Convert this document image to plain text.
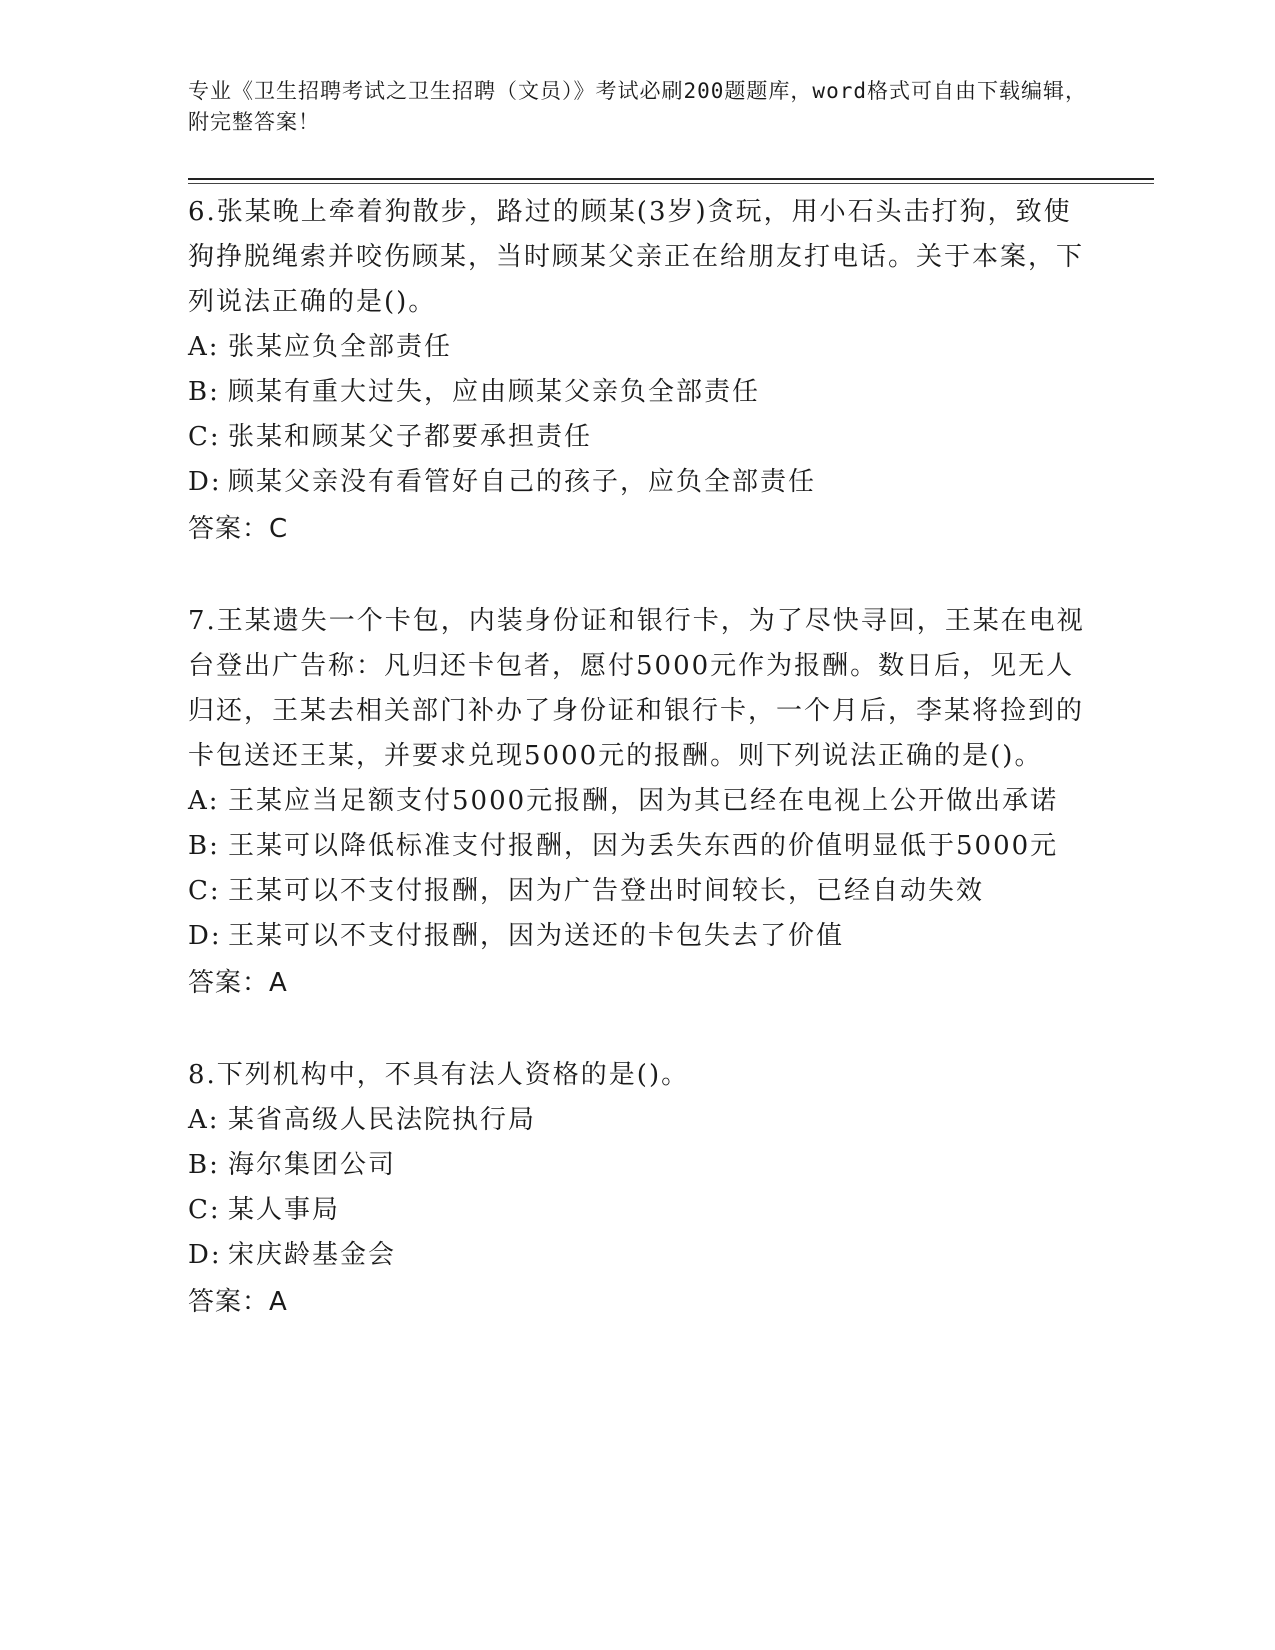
专业《卫生招聘考试之卫生招聘（文员）》考试必刷200题题库，word格式可自由下载编辑，附完整答案！

6.张某晚上牵着狗散步，路过的顾某(3岁)贪玩，用小石头击打狗，致使狗挣脱绳索并咬伤顾某，当时顾某父亲正在给朋友打电话。关于本案，下列说法正确的是()。

A: 张某应负全部责任

B: 顾某有重大过失，应由顾某父亲负全部责任

C: 张某和顾某父子都要承担责任

D: 顾某父亲没有看管好自己的孩子，应负全部责任

答案：C

7.王某遗失一个卡包，内装身份证和银行卡，为了尽快寻回，王某在电视台登出广告称：凡归还卡包者，愿付5000元作为报酬。数日后，见无人归还，王某去相关部门补办了身份证和银行卡，一个月后，李某将捡到的卡包送还王某，并要求兑现5000元的报酬。则下列说法正确的是()。

A: 王某应当足额支付5000元报酬，因为其已经在电视上公开做出承诺

B: 王某可以降低标准支付报酬，因为丢失东西的价值明显低于5000元

C: 王某可以不支付报酬，因为广告登出时间较长，已经自动失效

D: 王某可以不支付报酬，因为送还的卡包失去了价值

答案：A

8.下列机构中，不具有法人资格的是()。

A: 某省高级人民法院执行局

B: 海尔集团公司

C: 某人事局

D: 宋庆龄基金会

答案：A
